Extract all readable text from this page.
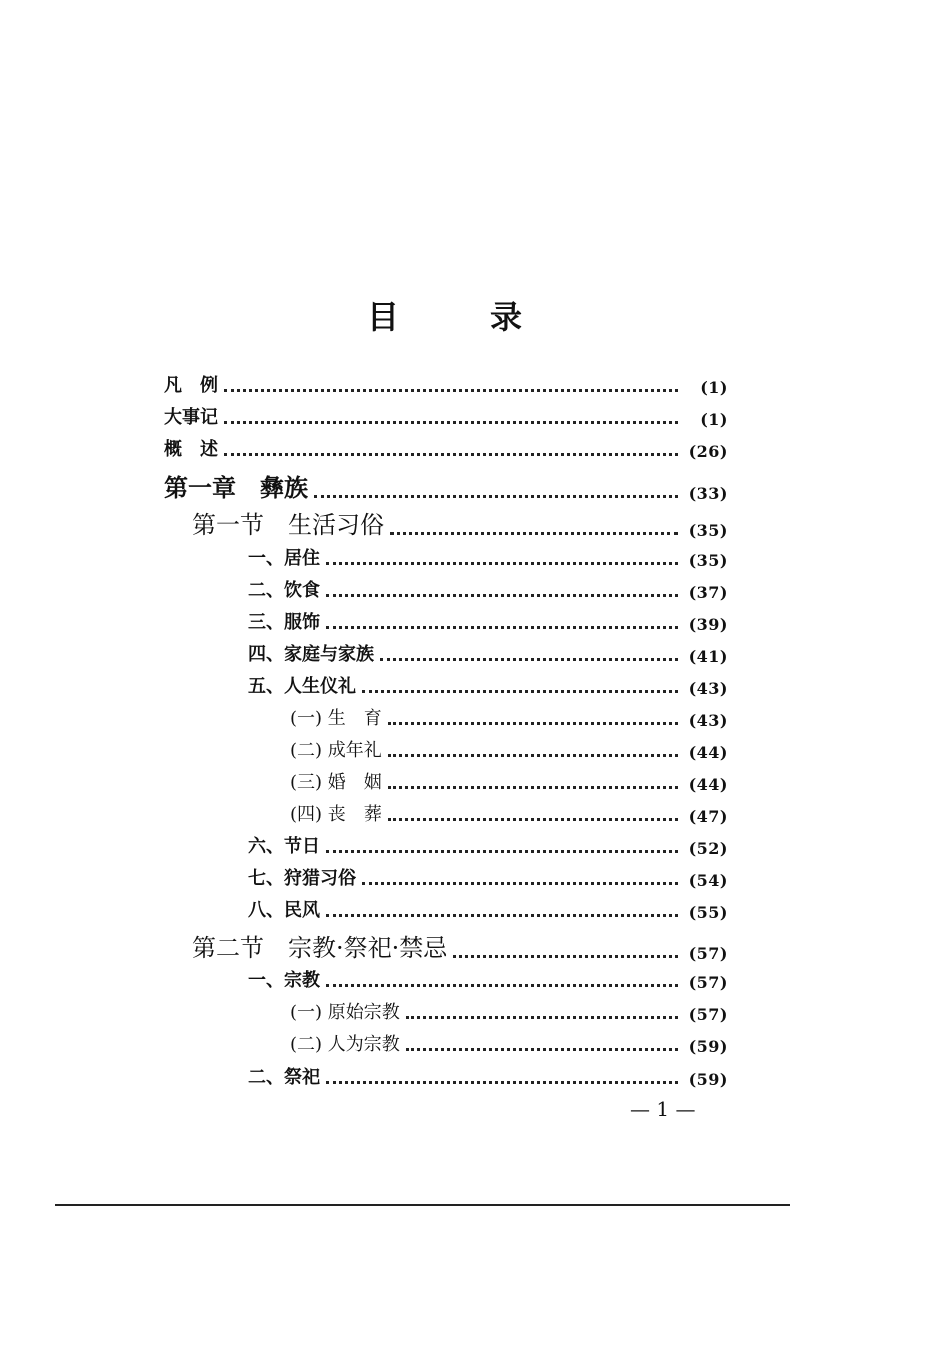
目	录
凡　例	(1)
大事记	(1)
概　述	(26)
第一章　彝族	(33)
第一节　生活习俗	(35)
一、居住	(35)
二、饮食	(37)
三、服饰	(39)
四、家庭与家族	(41)
五、人生仪礼	(43)
(一) 生　育	(43)
(二) 成年礼	(44)
(三) 婚　姻	(44)
(四) 丧　葬	(47)
六、节日	(52)
七、狩猎习俗	(54)
八、民风	(55)
第二节　宗教·祭祀·禁忌	(57)
一、宗教	(57)
(一) 原始宗教	(57)
(二) 人为宗教	(59)
二、祭祀	(59)
— 1 —
